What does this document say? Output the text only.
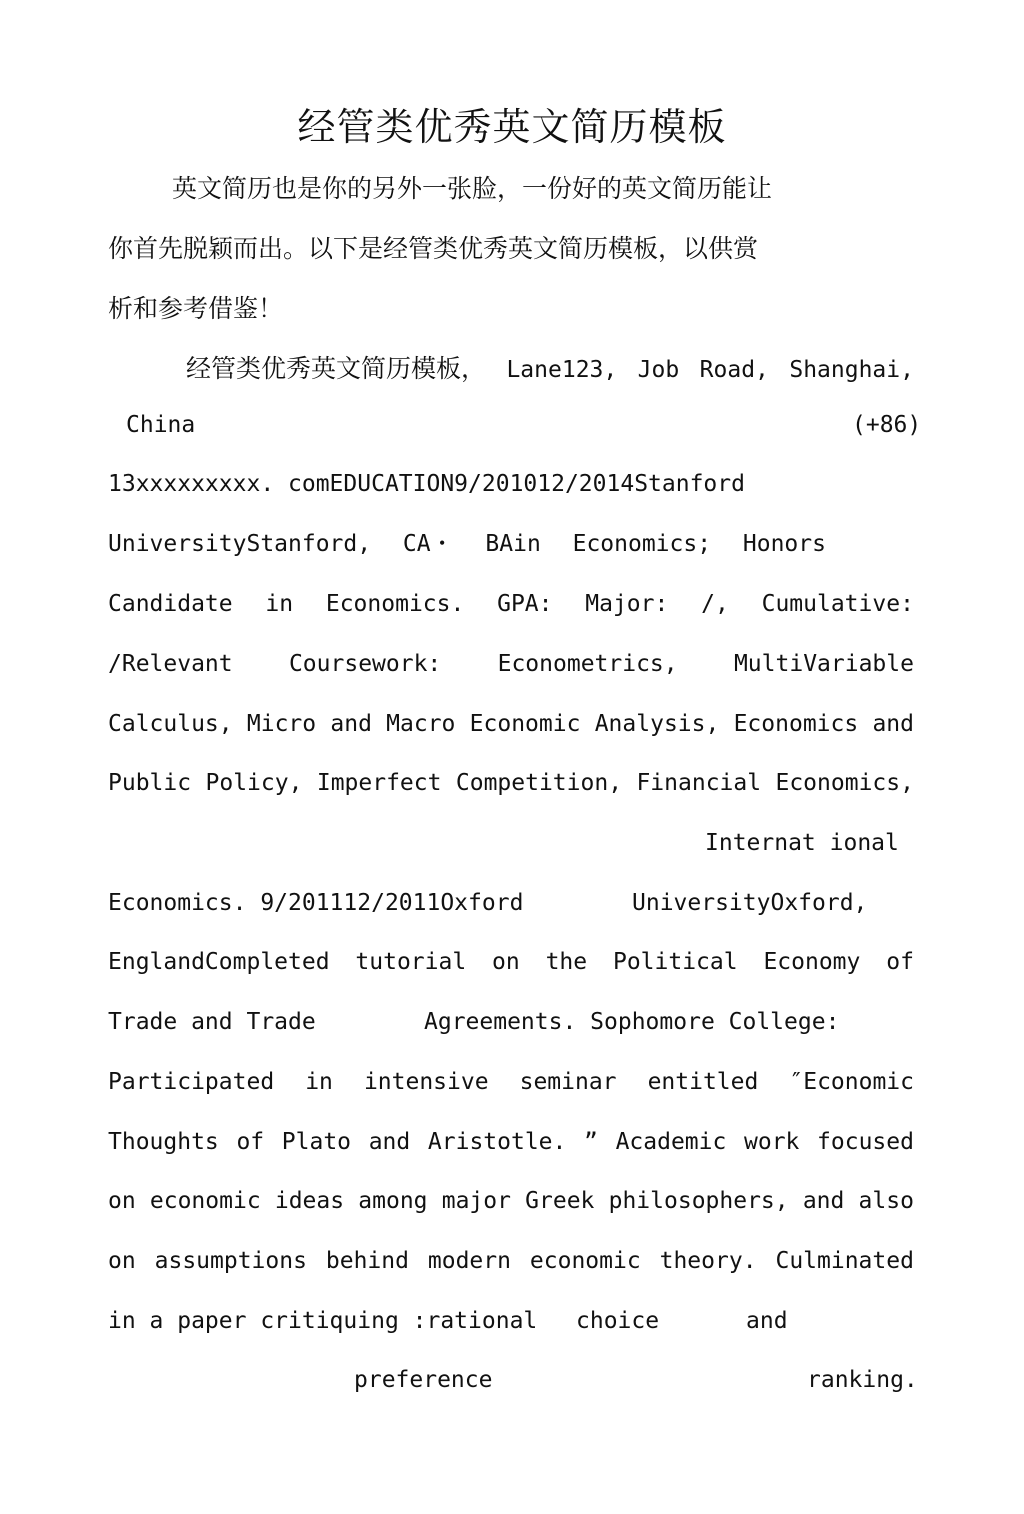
经管类优秀英文简历模板
英文简历也是你的另外一张脸，一份好的英文简历能让
你首先脱颖而出。以下是经管类优秀英文简历模板，以供赏
析和参考借鉴！
经管类优秀英文简历模板， Lane123, Job Road, Shanghai,
China	(+86)
13xxxxxxxxx. comEDUCATION9/201012/2014Stanford
UniversityStanford, CA・ BAin Economics; Honors
Candidate in Economics. GPA: Major: /, Cumulative:
/Relevant Coursework: Econometrics, MultiVariable
Calculus, Micro and Macro Economic Analysis, Economics and
Public Policy, Imperfect Competition, Financial Economics,
Internat ional
Economics. 9/201112/2011Oxford	UniversityOxford,
EnglandCompleted tutorial on the Political Economy of
Trade and Trade	Agreements. Sophomore College:
Participated in intensive seminar entitled ″Economic
Thoughts of Plato and Aristotle. ” Academic work focused
on economic ideas among major Greek philosophers, and also
on assumptions behind modern economic theory. Culminated
in a paper critiquing :rational choice	and
preference	ranking.
